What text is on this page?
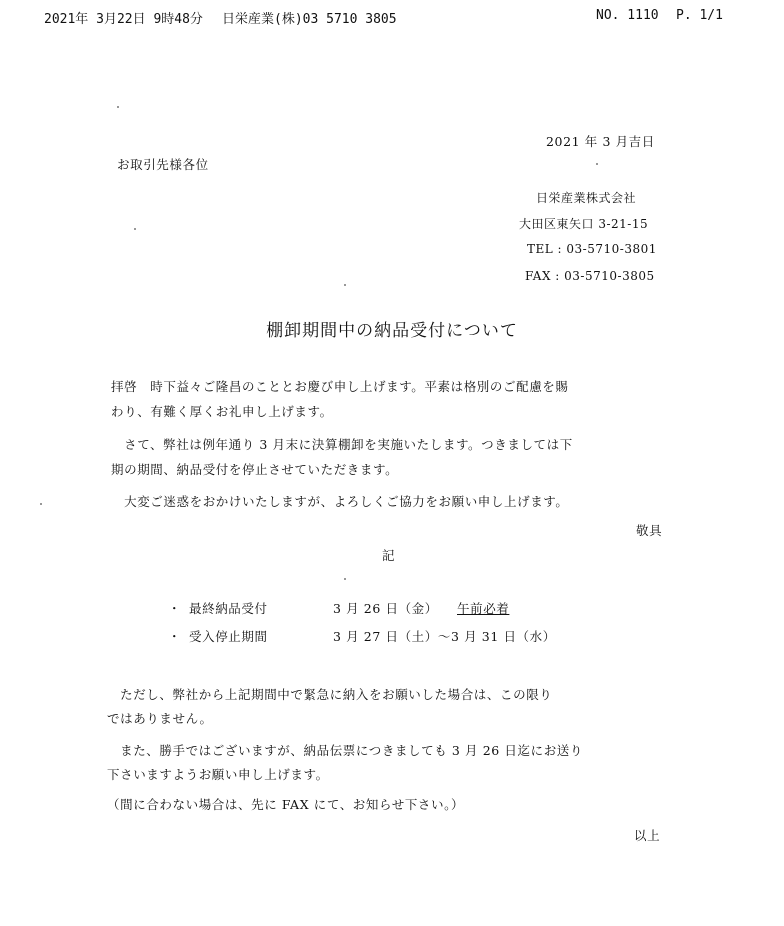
2021年 3月22日 9時48分 日栄産業(株)03 5710 3805	NO. 1110 P. 1/1
2021 年 3 月吉日
お取引先様各位
日栄産業株式会社
大田区東矢口 3-21-15
TEL : 03-5710-3801
FAX : 03-5710-3805
棚卸期間中の納品受付について
拝啓　時下益々ご隆昌のこととお慶び申し上げます。平素は格別のご配慮を賜
わり、有難く厚くお礼申し上げます。
　さて、弊社は例年通り 3 月末に決算棚卸を実施いたします。つきましては下
期の期間、納品受付を停止させていただきます。
　大変ご迷惑をおかけいたしますが、よろしくご協力をお願い申し上げます。
敬具
記
・ 最終納品受付	3 月 26 日（金） 午前必着
・ 受入停止期間	3 月 27 日（土）～3 月 31 日（水）
　ただし、弊社から上記期間中で緊急に納入をお願いした場合は、この限り
ではありません。
　また、勝手ではございますが、納品伝票につきましても 3 月 26 日迄にお送り
下さいますようお願い申し上げます。
（間に合わない場合は、先に FAX にて、お知らせ下さい。）
以上
